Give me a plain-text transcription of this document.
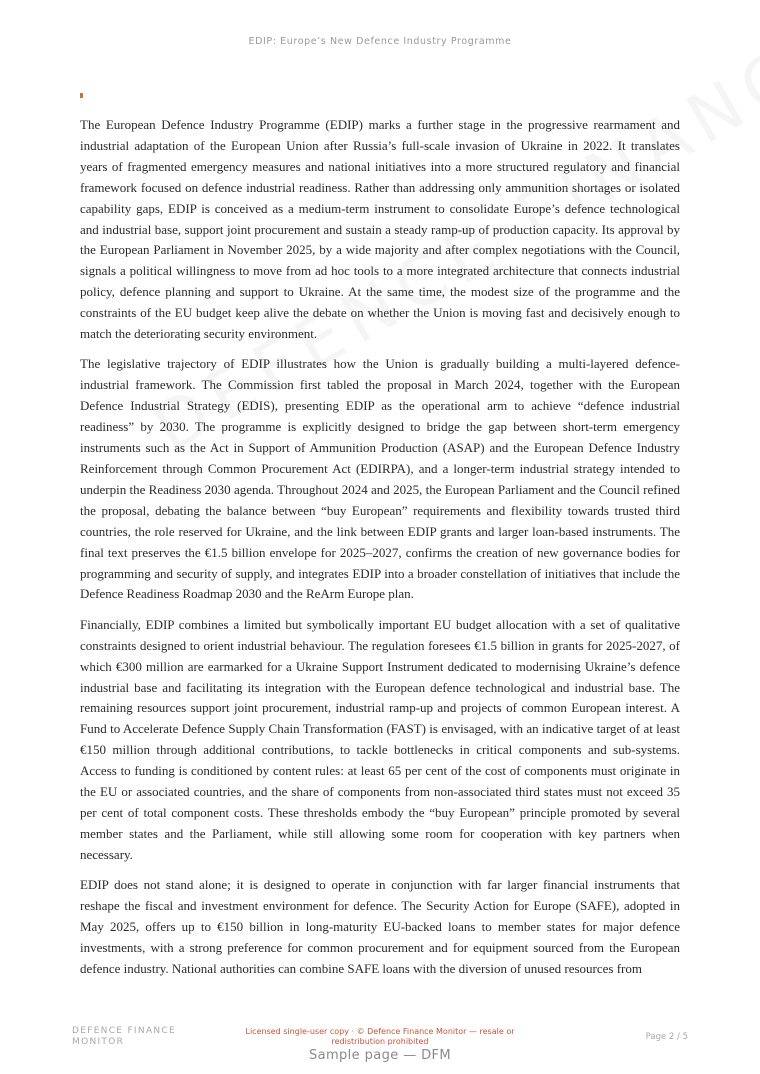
EDIP: Europe’s New Defence Industry Programme

The European Defence Industry Programme (EDIP) marks a further stage in the progressive rearmament and industrial adaptation of the European Union after Russia’s full-scale invasion of Ukraine in 2022. It translates years of fragmented emergency measures and national initiatives into a more structured regulatory and financial framework focused on defence industrial readiness. Rather than addressing only ammunition shortages or isolated capability gaps, EDIP is conceived as a medium-term instrument to consolidate Europe’s defence technological and industrial base, support joint procurement and sustain a steady ramp-up of production capacity. Its approval by the European Parliament in November 2025, by a wide majority and after complex negotiations with the Council, signals a political willingness to move from ad hoc tools to a more integrated architecture that connects industrial policy, defence planning and support to Ukraine. At the same time, the modest size of the programme and the constraints of the EU budget keep alive the debate on whether the Union is moving fast and decisively enough to match the deteriorating security environment.

The legislative trajectory of EDIP illustrates how the Union is gradually building a multi-layered defence-industrial framework. The Commission first tabled the proposal in March 2024, together with the European Defence Industrial Strategy (EDIS), presenting EDIP as the operational arm to achieve “defence industrial readiness” by 2030. The programme is explicitly designed to bridge the gap between short-term emergency instruments such as the Act in Support of Ammunition Production (ASAP) and the European Defence Industry Reinforcement through Common Procurement Act (EDIRPA), and a longer-term industrial strategy intended to underpin the Readiness 2030 agenda. Throughout 2024 and 2025, the European Parliament and the Council refined the proposal, debating the balance between “buy European” requirements and flexibility towards trusted third countries, the role reserved for Ukraine, and the link between EDIP grants and larger loan-based instruments. The final text preserves the €1.5 billion envelope for 2025–2027, confirms the creation of new governance bodies for programming and security of supply, and integrates EDIP into a broader constellation of initiatives that include the Defence Readiness Roadmap 2030 and the ReArm Europe plan.

Financially, EDIP combines a limited but symbolically important EU budget allocation with a set of qualitative constraints designed to orient industrial behaviour. The regulation foresees €1.5 billion in grants for 2025-2027, of which €300 million are earmarked for a Ukraine Support Instrument dedicated to modernising Ukraine’s defence industrial base and facilitating its integration with the European defence technological and industrial base. The remaining resources support joint procurement, industrial ramp-up and projects of common European interest. A Fund to Accelerate Defence Supply Chain Transformation (FAST) is envisaged, with an indicative target of at least €150 million through additional contributions, to tackle bottlenecks in critical components and sub-systems. Access to funding is conditioned by content rules: at least 65 per cent of the cost of components must originate in the EU or associated countries, and the share of components from non-associated third states must not exceed 35 per cent of total component costs. These thresholds embody the “buy European” principle promoted by several member states and the Parliament, while still allowing some room for cooperation with key partners when necessary.

EDIP does not stand alone; it is designed to operate in conjunction with far larger financial instruments that reshape the fiscal and investment environment for defence. The Security Action for Europe (SAFE), adopted in May 2025, offers up to €150 billion in long-maturity EU-backed loans to member states for major defence investments, with a strong preference for common procurement and for equipment sourced from the European defence industry. National authorities can combine SAFE loans with the diversion of unused resources from

DEFENCE FINANCE
MONITOR
Licensed single-user copy · © Defence Finance Monitor — resale or redistribution prohibited	Page 2 / 5
Sample page — DFM
